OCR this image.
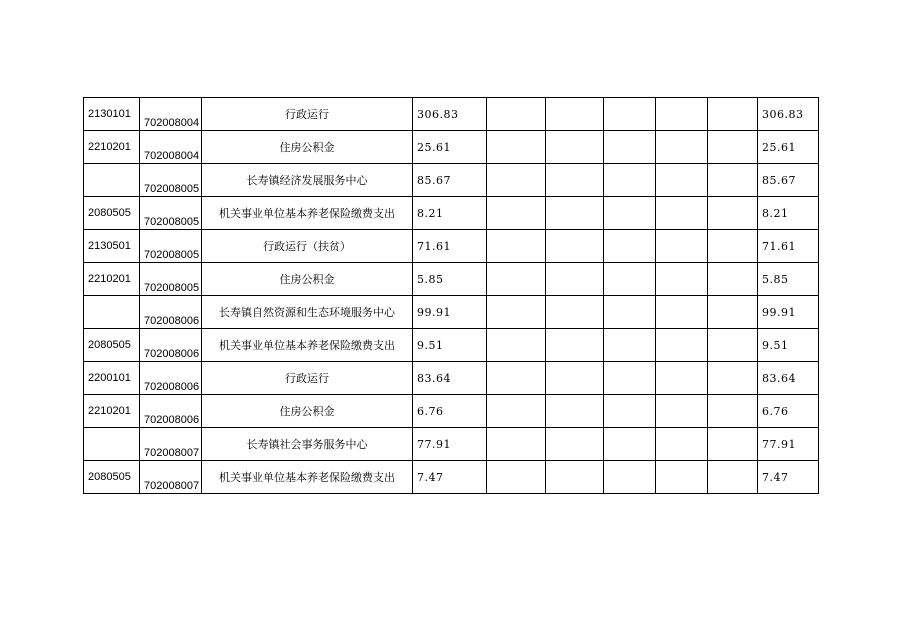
2130101	702008004	行政运行	306.83						306.83
2210201	702008004	住房公积金	25.61						25.61
	702008005	长寿镇经济发展服务中心	85.67						85.67
2080505	702008005	机关事业单位基本养老保险缴费支出	8.21						8.21
2130501	702008005	行政运行（扶贫）	71.61						71.61
2210201	702008005	住房公积金	5.85						5.85
	702008006	长寿镇自然资源和生态环境服务中心	99.91						99.91
2080505	702008006	机关事业单位基本养老保险缴费支出	9.51						9.51
2200101	702008006	行政运行	83.64						83.64
2210201	702008006	住房公积金	6.76						6.76
	702008007	长寿镇社会事务服务中心	77.91						77.91
2080505	702008007	机关事业单位基本养老保险缴费支出	7.47						7.47
